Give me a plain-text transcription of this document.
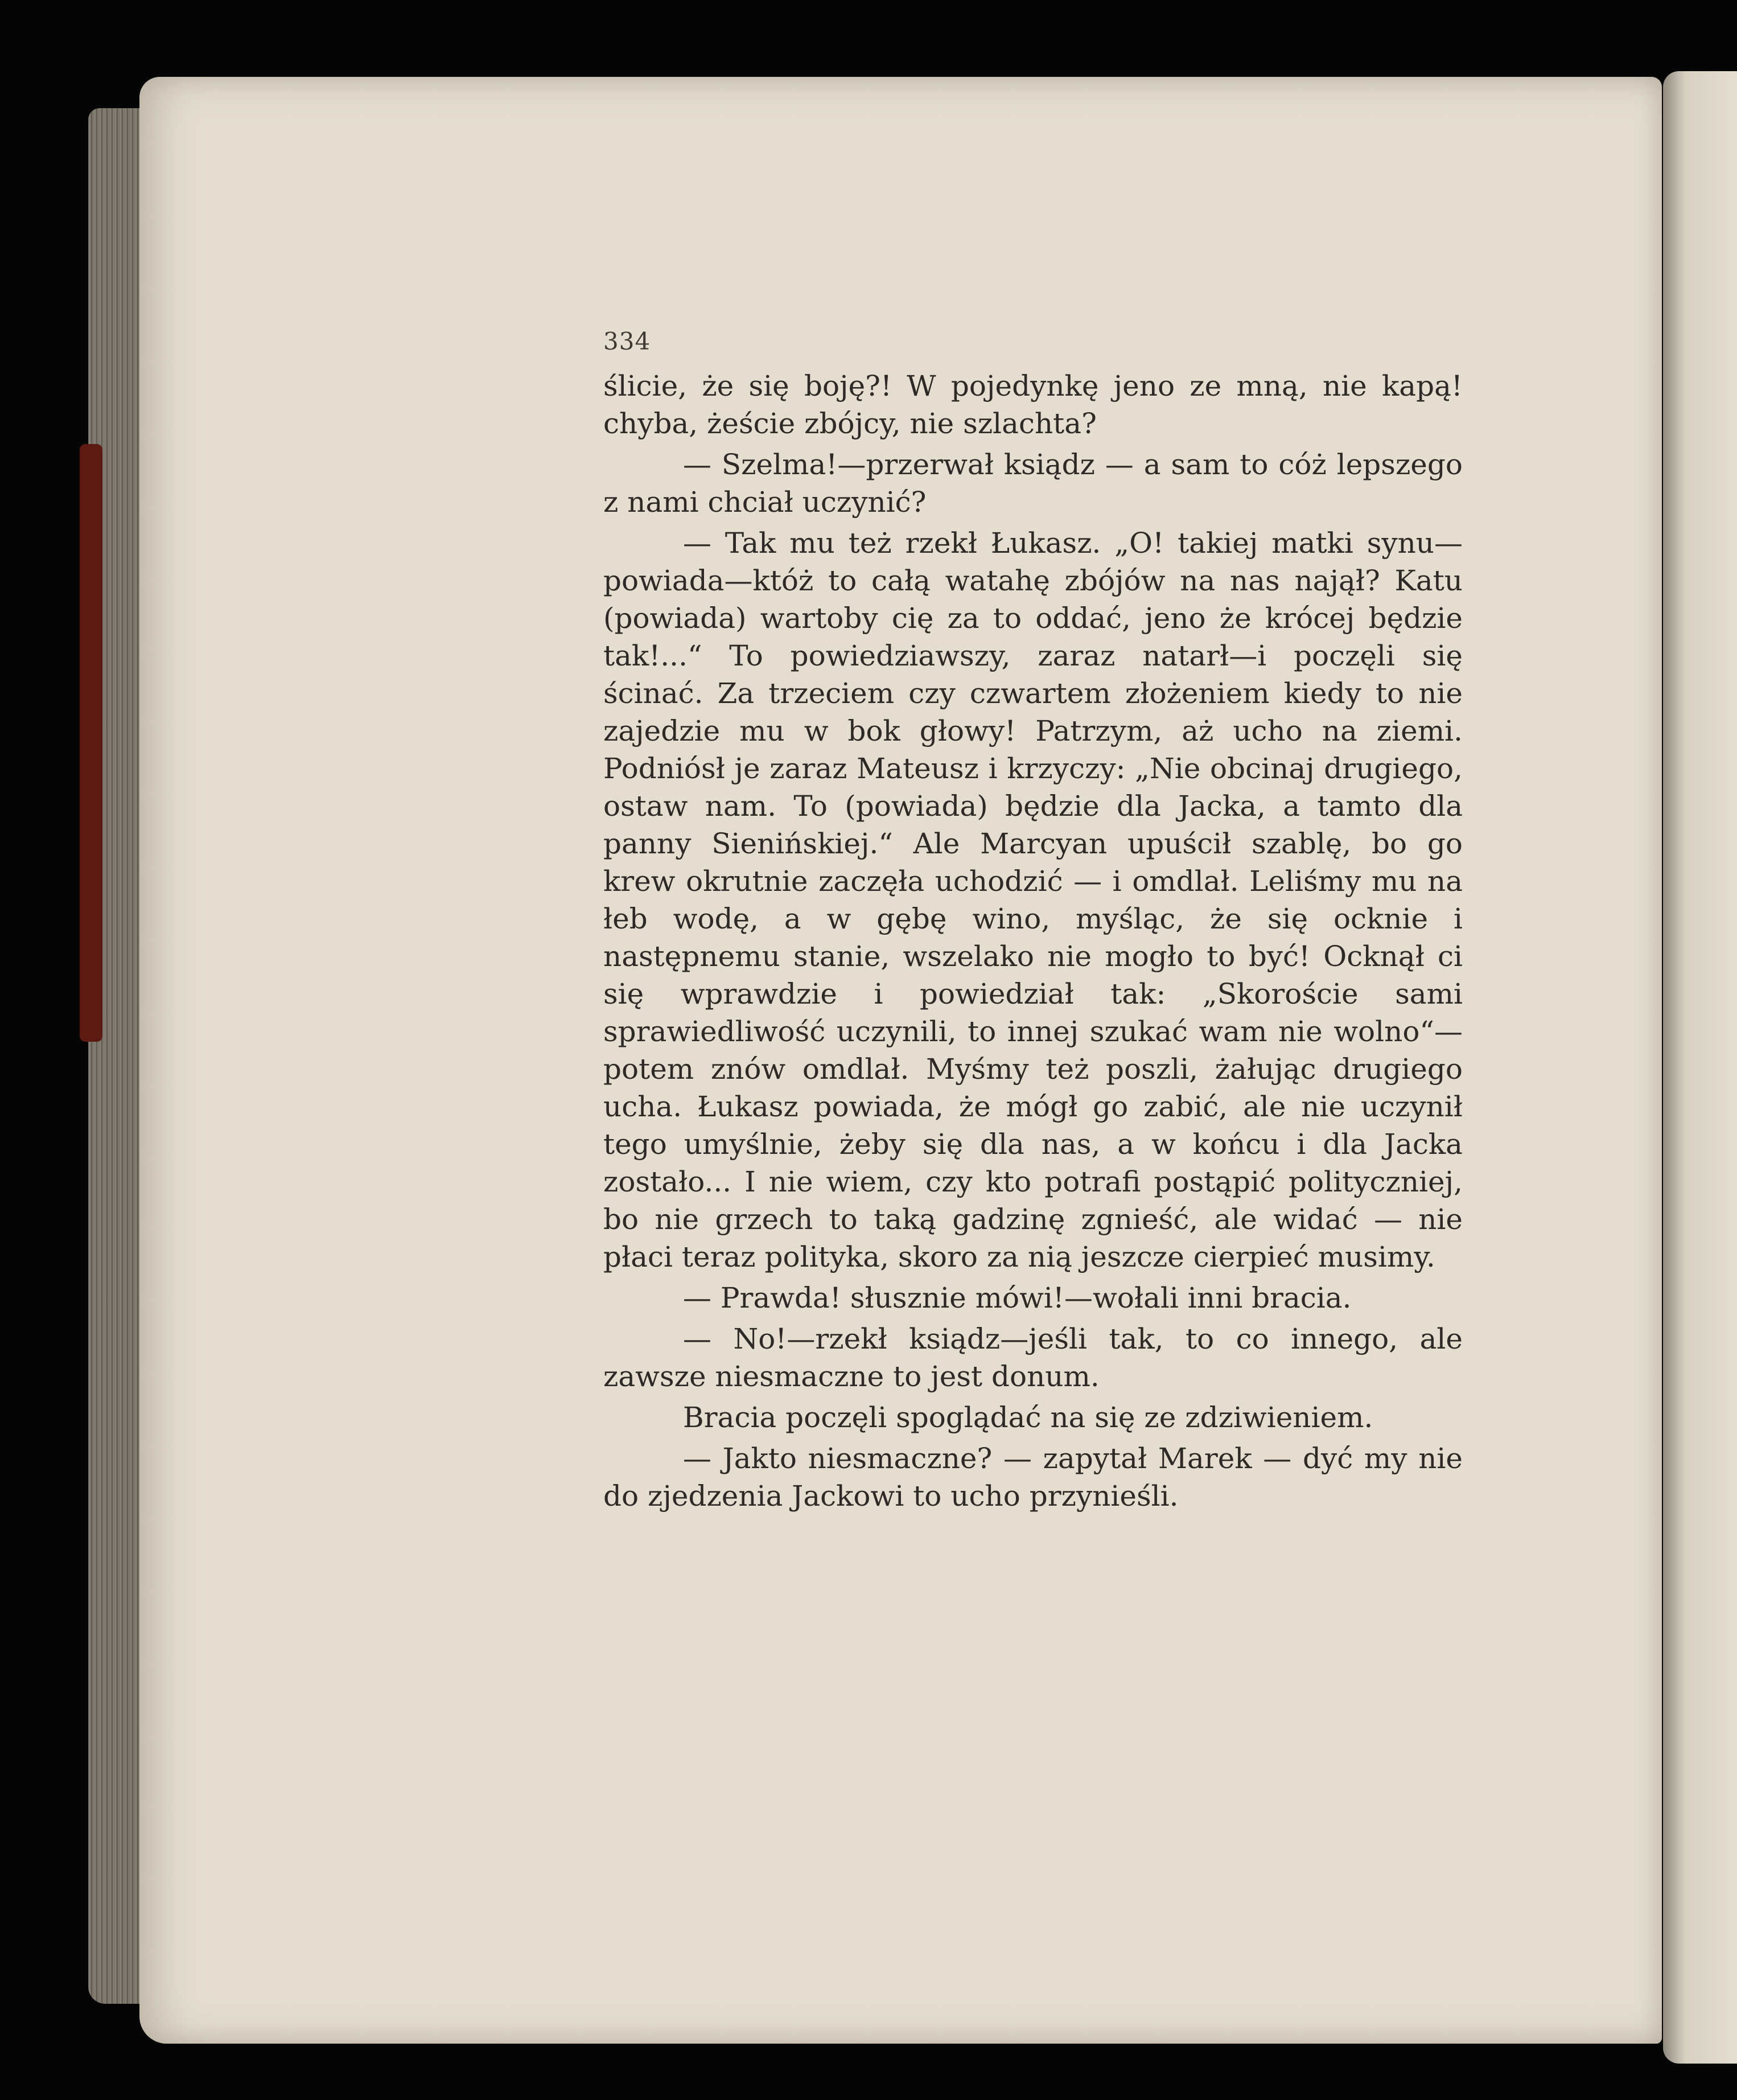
334

ślicie, że się boję?! W pojedynkę jeno ze mną, nie kapą! chyba, żeście zbójcy, nie szlachta?

— Szelma!—przerwał ksiądz — a sam to cóż lepszego z nami chciał uczynić?

— Tak mu też rzekł Łukasz. „O! takiej matki synu—powiada—któż to całą watahę zbójów na nas najął? Katu (powiada) wartoby cię za to oddać, jeno że krócej będzie tak!...“ To powiedziawszy, zaraz natarł—i poczęli się ścinać. Za trzeciem czy czwartem złożeniem kiedy to nie zajedzie mu w bok głowy! Patrzym, aż ucho na ziemi. Podniósł je zaraz Mateusz i krzyczy: „Nie obcinaj drugiego, ostaw nam. To (powiada) będzie dla Jacka, a tamto dla panny Sienińskiej.“ Ale Marcyan upuścił szablę, bo go krew okrutnie zaczęła uchodzić — i omdlał. Leliśmy mu na łeb wodę, a w gębę wino, myśląc, że się ocknie i następnemu stanie, wszelako nie mogło to być! Ocknął ci się wprawdzie i powiedział tak: „Skoroście sami sprawiedliwość uczynili, to innej szukać wam nie wolno“— potem znów omdlał. Myśmy też poszli, żałując drugiego ucha. Łukasz powiada, że mógł go zabić, ale nie uczynił tego umyślnie, żeby się dla nas, a w końcu i dla Jacka zostało... I nie wiem, czy kto potrafi postąpić polityczniej, bo nie grzech to taką gadzinę zgnieść, ale widać — nie płaci teraz polityka, skoro za nią jeszcze cierpieć musimy.

— Prawda! słusznie mówi!—wołali inni bracia.

— No!—rzekł ksiądz—jeśli tak, to co innego, ale zawsze niesmaczne to jest donum.

Bracia poczęli spoglądać na się ze zdziwieniem.

— Jakto niesmaczne? — zapytał Marek — dyć my nie do zjedzenia Jackowi to ucho przynieśli.
